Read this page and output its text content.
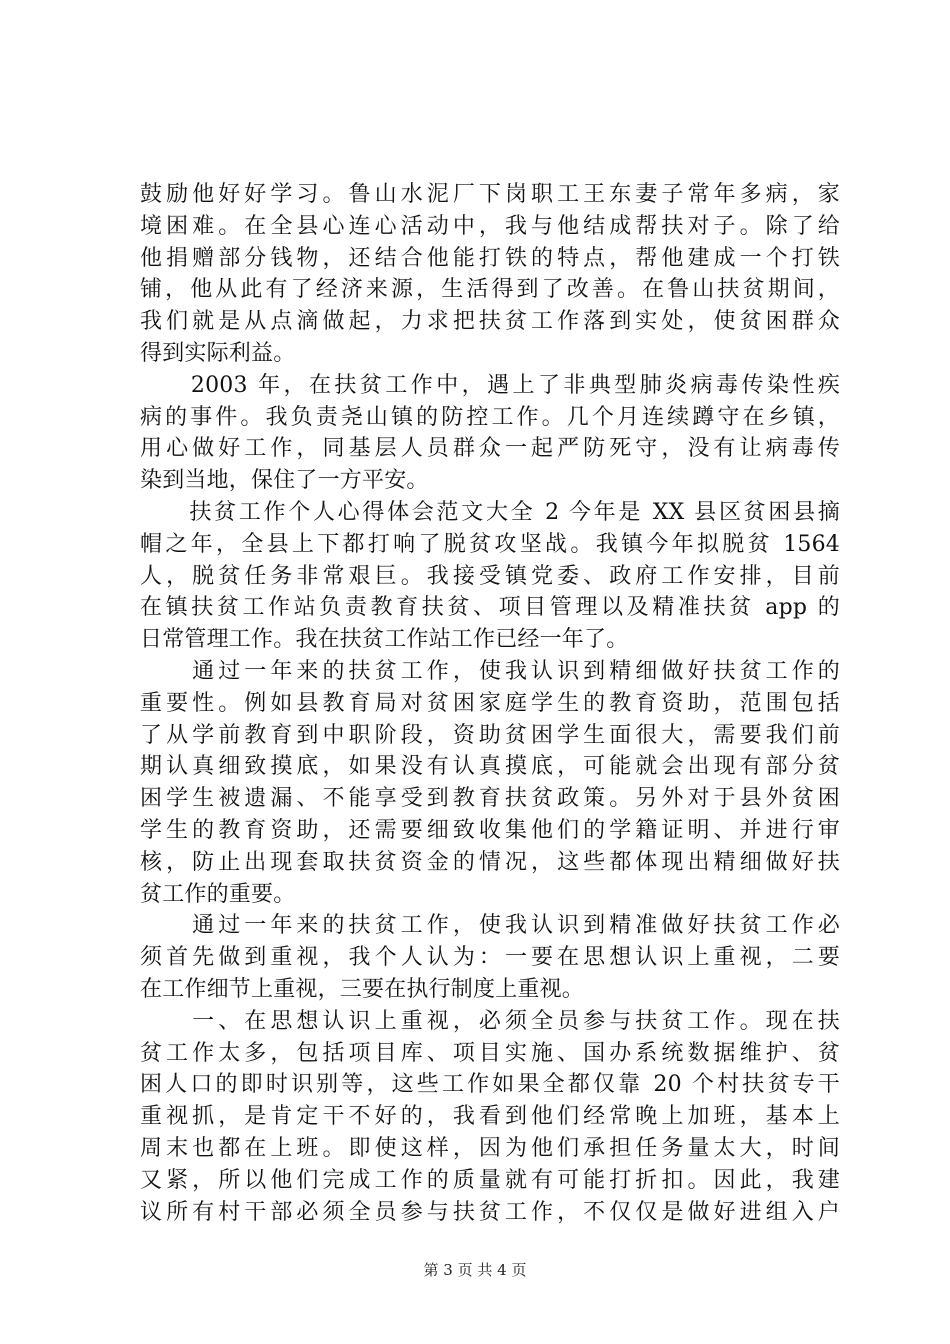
鼓励他好好学习。鲁山水泥厂下岗职工王东妻子常年多病，家
境困难。在全县心连心活动中，我与他结成帮扶对子。除了给
他捐赠部分钱物，还结合他能打铁的特点，帮他建成一个打铁
铺，他从此有了经济来源，生活得到了改善。在鲁山扶贫期间，
我们就是从点滴做起，力求把扶贫工作落到实处，使贫困群众
得到实际利益。
　　2003 年，在扶贫工作中，遇上了非典型肺炎病毒传染性疾
病的事件。我负责尧山镇的防控工作。几个月连续蹲守在乡镇，
用心做好工作，同基层人员群众一起严防死守，没有让病毒传
染到当地，保住了一方平安。
　　扶贫工作个人心得体会范文大全 2 今年是 XX 县区贫困县摘
帽之年，全县上下都打响了脱贫攻坚战。我镇今年拟脱贫 1564
人，脱贫任务非常艰巨。我接受镇党委、政府工作安排，目前
在镇扶贫工作站负责教育扶贫、项目管理以及精准扶贫 app 的
日常管理工作。我在扶贫工作站工作已经一年了。
　　通过一年来的扶贫工作，使我认识到精细做好扶贫工作的
重要性。例如县教育局对贫困家庭学生的教育资助，范围包括
了从学前教育到中职阶段，资助贫困学生面很大，需要我们前
期认真细致摸底，如果没有认真摸底，可能就会出现有部分贫
困学生被遗漏、不能享受到教育扶贫政策。另外对于县外贫困
学生的教育资助，还需要细致收集他们的学籍证明、并进行审
核，防止出现套取扶贫资金的情况，这些都体现出精细做好扶
贫工作的重要。
　　通过一年来的扶贫工作，使我认识到精准做好扶贫工作必
须首先做到重视，我个人认为：一要在思想认识上重视，二要
在工作细节上重视，三要在执行制度上重视。
　　一、在思想认识上重视，必须全员参与扶贫工作。现在扶
贫工作太多，包括项目库、项目实施、国办系统数据维护、贫
困人口的即时识别等，这些工作如果全都仅靠 20 个村扶贫专干
重视抓，是肯定干不好的，我看到他们经常晚上加班，基本上
周末也都在上班。即使这样，因为他们承担任务量太大，时间
又紧，所以他们完成工作的质量就有可能打折扣。因此，我建
议所有村干部必须全员参与扶贫工作，不仅仅是做好进组入户
第 3 页 共 4 页
